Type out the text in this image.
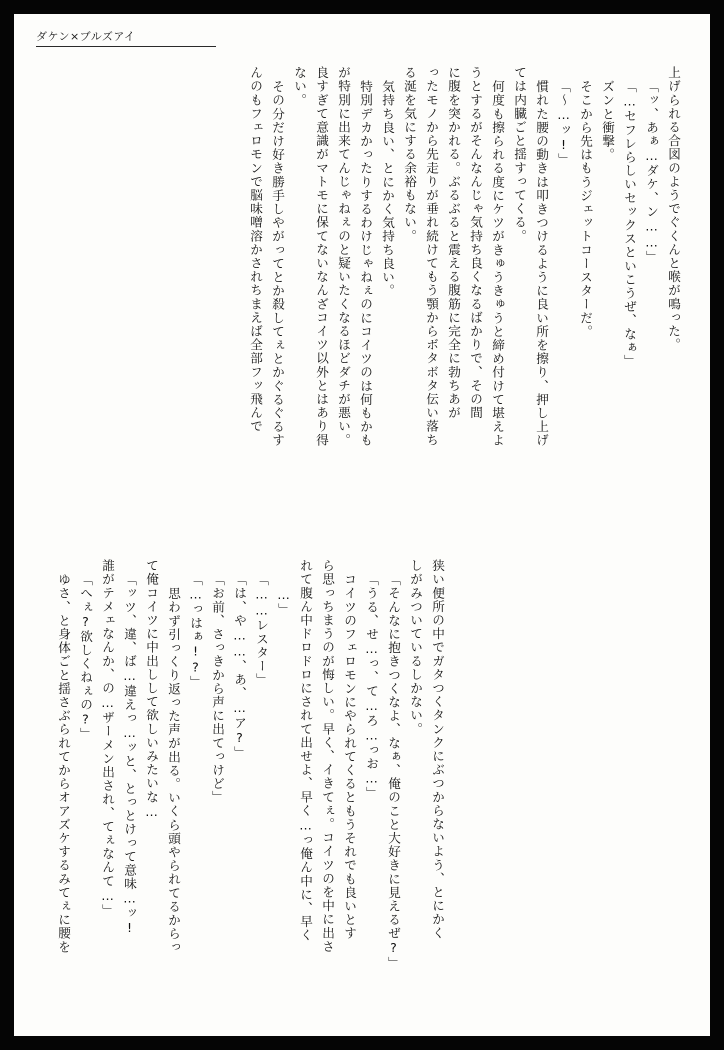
ダケン×ブルズアイ
上げられる合図のようでぐくんと喉が鳴った。
「ッ、あぁ…ダケ、ン……」
「…セフレらしいセックスといこうぜ、なぁ」
ズンと衝撃。
そこから先はもうジェットコースターだ。
「～…ッ!」
慣れた腰の動きは叩きつけるように良い所を擦り、押し上げ
ては内臓ごと揺すってくる。
何度も擦られる度にケツがきゅうきゅうと締め付けて堪えよ
うとするがそんなんじゃ気持ち良くなるばかりで、その間
に腹を突かれる。ぶるぶると震える腹筋に完全に勃ちあが
ったモノから先走りが垂れ続けてもう顎からボタボタ伝い落ち
る涎を気にする余裕もない。
気持ち良い、とにかく気持ち良い。
特別デカかったりするわけじゃねぇのにコイツのは何もかも
が特別に出来てんじゃねぇのと疑いたくなるほどダチが悪い。
良すぎて意識がマトモに保てないなんざコイツ以外とはあり得
ない。
その分だけ好き勝手しやがってとか殺してぇとかぐるぐるす
んのもフェロモンで脳味噌溶かされちまえば全部フッ飛んで
狭い便所の中でガタつくタンクにぶつからないよう、とにかく
しがみついているしかない。
「そんなに抱きつくなよ、なぁ、俺のこと大好きに見えるぜ?」
「うる、せ…っ、て…ろ…っお…」
コイツのフェロモンにやられてくるともうそれでも良いとす
ら思っちまうのが悔しい。早く、イきてぇ。コイツのを中に出さ
れて腹ん中ドロドロにされて出せよ、早く…っ俺ん中に、早く
…」
「……レスター」
「は、や……、あ、…ア?」
「お前、さっきから声に出てっけど」
「…っはぁ!?」
思わず引っくり返った声が出る。いくら頭やられてるからっ
て俺コイツに中出しして欲しいみたいな…
「ッツ、違、ば…違えっ…ッと、とっとけって意味…ッ!
誰がテメェなんか、の…ザーメン出され、てぇなんて…」
「へぇ?欲しくねぇの?」
ゆさ、と身体ごと揺さぶられてからオアズケするみてぇに腰を
